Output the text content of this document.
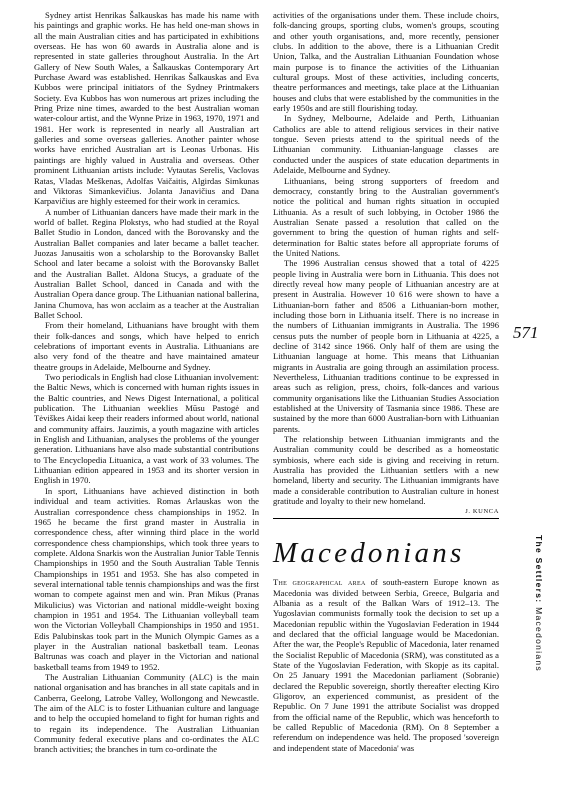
Sydney artist Henrikas Šalkauskas has made his name with his paintings and graphic works. He has held one-man shows in all the main Australian cities and has participated in exhibitions overseas. He has won 60 awards in Australia alone and is represented in state galleries throughout Australia. In the Art Gallery of New South Wales, a Šalkauskas Contemporary Art Purchase Award was established. Henrikas Šalkauskas and Eva Kubbos were principal initiators of the Sydney Printmakers Society. Eva Kubbos has won numerous art prizes including the Pring Prize nine times, awarded to the best Australian woman water-colour artist, and the Wynne Prize in 1963, 1970, 1971 and 1981. Her work is represented in nearly all Australian art galleries and some overseas galleries. Another painter whose works have enriched Australian art is Leonas Urbonas. His paintings are highly valued in Australia and overseas. Other prominent Lithuanian artists include: Vytautas Serelis, Vaclovas Ratas, Vladas Meškenas, Adolfas Vaičaitis, Algirdas Simkunas and Viktoras Simankevičius. Jolanta Janavičius and Dana Karpavičius are highly esteemed for their work in ceramics.

A number of Lithuanian dancers have made their mark in the world of ballet. Regina Plokstys, who had studied at the Royal Ballet Studio in London, danced with the Borovansky and the Australian Ballet companies and later became a ballet teacher. Juozas Janusaitis won a scholarship to the Borovansky Ballet School and later became a soloist with the Borovansky Ballet and the Australian Ballet. Aldona Stucys, a graduate of the Australian Ballet School, danced in Canada and with the Australian Opera dance group. The Lithuanian national ballerina, Janina Chumova, has won acclaim as a teacher at the Australian Ballet School.

From their homeland, Lithuanians have brought with them their folk-dances and songs, which have helped to enrich celebrations of important events in Australia. Lithuanians are also very fond of the theatre and have maintained amateur theatre groups in Adelaide, Melbourne and Sydney.

Two periodicals in English had close Lithuanian involvement: the Baltic News, which is concerned with human rights issues in the Baltic countries, and News Digest International, a political publication. The Lithuanian weeklies Mūsu Pastogė and Tėviškes Aidai keep their readers informed about world, national and community affairs. Jauzimis, a youth magazine with articles in English and Lithuanian, analyses the problems of the younger generation. Lithuanians have also made substantial contributions to The Encyclopedia Lituanica, a vast work of 33 volumes. The Lithuanian edition appeared in 1953 and its shorter version in English in 1970.

In sport, Lithuanians have achieved distinction in both individual and team activities. Romas Arlauskas won the Australian correspondence chess championships in 1952. In 1965 he became the first grand master in Australia in correspondence chess, after winning third place in the world correspondence chess championships, which took three years to complete. Aldona Snarkis won the Australian Junior Table Tennis Championships in 1950 and the South Australian Table Tennis Championships in 1951 and 1953. She has also competed in several international table tennis championships and was the first woman to compete against men and win. Pran Mikus (Pranas Mikulicius) was Victorian and national middle-weight boxing champion in 1951 and 1954. The Lithuanian volleyball team won the Victorian Volleyball Championships in 1950 and 1951. Edis Palubinskas took part in the Munich Olympic Games as a player in the Australian national basketball team. Leonas Baltrunas was coach and player in the Victorian and national basketball teams from 1949 to 1952.

The Australian Lithuanian Community (ALC) is the main national organisation and has branches in all state capitals and in Canberra, Geelong, Latrobe Valley, Wollongong and Newcastle. The aim of the ALC is to foster Lithuanian culture and language and to help the occupied homeland to fight for human rights and to regain its independence. The Australian Lithuanian Community federal executive plans and co-ordinates the ALC branch activities; the branches in turn co-ordinate the

activities of the organisations under them. These include choirs, folk-dancing groups, sporting clubs, women's groups, scouting and other youth organisations, and, more recently, pensioner clubs. In addition to the above, there is a Lithuanian Credit Union, Talka, and the Australian Lithuanian Foundation whose main purpose is to finance the activities of the Lithuanian cultural groups. Most of these activities, including concerts, theatre performances and meetings, take place at the Lithuanian houses and clubs that were established by the communities in the early 1950s and are still flourishing today.

In Sydney, Melbourne, Adelaide and Perth, Lithuanian Catholics are able to attend religious services in their native tongue. Seven priests attend to the spiritual needs of the Lithuanian community. Lithuanian-language classes are conducted under the auspices of state education departments in Adelaide, Melbourne and Sydney.

Lithuanians, being strong supporters of freedom and democracy, constantly bring to the Australian government's notice the political and human rights situation in occupied Lithuania. As a result of such lobbying, in October 1986 the Australian Senate passed a resolution that called on the government to bring the question of human rights and self-determination for Baltic states before all appropriate forums of the United Nations.

The 1996 Australian census showed that a total of 4225 people living in Australia were born in Lithuania. This does not directly reveal how many people of Lithuanian ancestry are at present in Australia. However 10 616 were shown to have a Lithuanian-born father and 8506 a Lithuanian-born mother, including those born in Lithuania itself. There is no increase in the numbers of Lithuanian immigrants in Australia. The 1996 census puts the number of people born in Lithuania at 4225, a decline of 3142 since 1966. Only half of them are using the Lithuanian language at home. This means that Lithuanian migrants in Australia are going through an assimilation process. Nevertheless, Lithuanian traditions continue to be expressed in areas such as religion, press, choirs, folk-dances and various community organisations like the Lithuanian Studies Association established at the University of Tasmania since 1986. These are sustained by the more than 6000 Australian-born with Lithuanian parents.

The relationship between Lithuanian immigrants and the Australian community could be described as a homeostatic symbiosis, where each side is giving and receiving in return. Australia has provided the Lithuanian settlers with a new homeland, liberty and security. The Lithuanian immigrants have made a considerable contribution to Australian culture in honest gratitude and loyalty to their new homeland.

J. KUNCA
Macedonians

The geographical area of south-eastern Europe known as Macedonia was divided between Serbia, Greece, Bulgaria and Albania as a result of the Balkan Wars of 1912–13. The Yugoslavian communists formally took the decision to set up a Macedonian republic within the Yugoslavian Federation in 1944 and declared that the official language would be Macedonian. After the war, the People's Republic of Macedonia, later renamed the Socialist Republic of Macedonia (SRM), was constituted as a State of the Yugoslavian Federation, with Skopje as its capital. On 25 January 1991 the Macedonian parliament (Sobranie) declared the Republic sovereign, shortly thereafter electing Kiro Gligorov, an experienced communist, as president of the Republic. On 7 June 1991 the attribute Socialist was dropped from the official name of the Republic, which was henceforth to be called Republic of Macedonia (RM). On 8 September a referendum on independence was held. The proposed 'sovereign and independent state of Macedonia' was

571
The Settlers: Macedonians
